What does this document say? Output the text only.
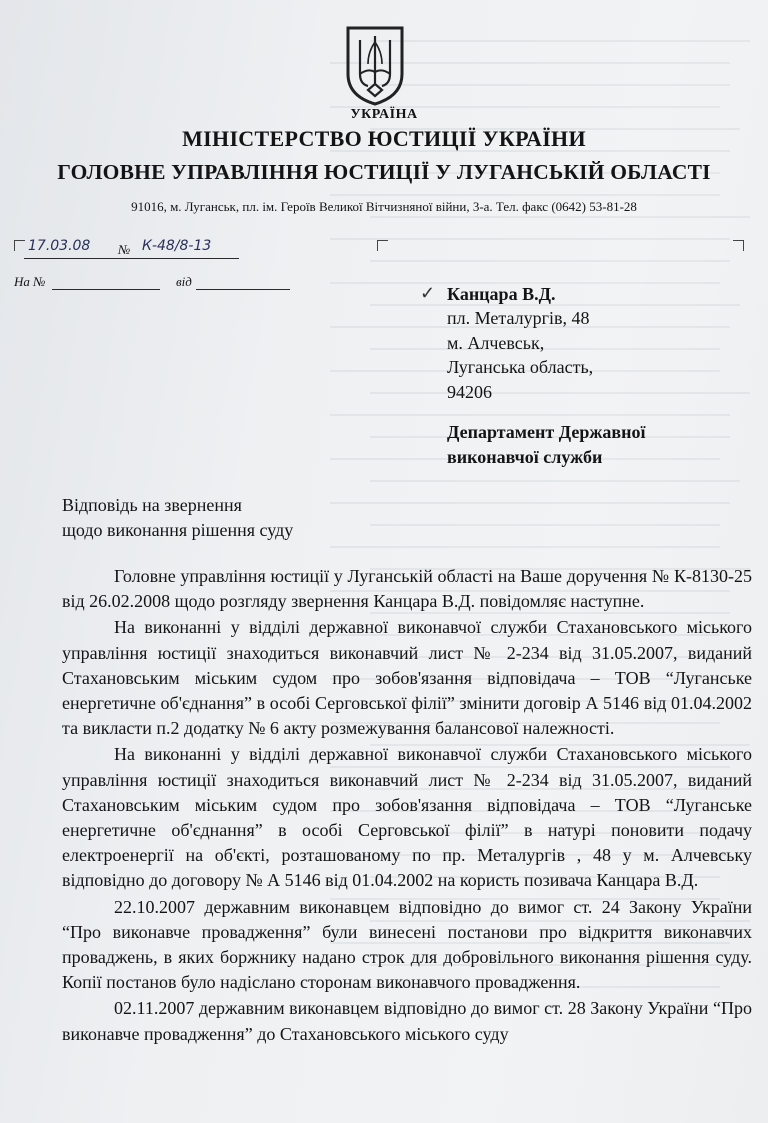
УКРАЇНА
МІНІСТЕРСТВО ЮСТИЦІЇ УКРАЇНИ
ГОЛОВНЕ УПРАВЛІННЯ ЮСТИЦІЇ У ЛУГАНСЬКІЙ ОБЛАСТІ
91016, м. Луганськ, пл. ім. Героїв Великої Вітчизняної війни, 3-а. Тел. факс (0642) 53-81-28
17.03.08 № К-48/8-13
На №	від
✓ Канцара В.Д.
пл. Металургів, 48
м. Алчевськ,
Луганська область,
94206
Департамент Державної
виконавчої служби
Відповідь на звернення
щодо виконання рішення суду

Головне управління юстиції у Луганській області на Ваше доручення № К-8130-25 від 26.02.2008 щодо розгляду звернення Канцара В.Д. повідомляє наступне.

На виконанні у відділі державної виконавчої служби Стахановського міського управління юстиції знаходиться виконавчий лист № 2-234 від 31.05.2007, виданий Стахановським міським судом про зобов'язання відповідача – ТОВ “Луганське енергетичне об'єднання” в особі Серговської філії” змінити договір А 5146 від 01.04.2002 та викласти п.2 додатку № 6 акту розмежування балансової належності.

На виконанні у відділі державної виконавчої служби Стахановського міського управління юстиції знаходиться виконавчий лист № 2-234 від 31.05.2007, виданий Стахановським міським судом про зобов'язання відповідача – ТОВ “Луганське енергетичне об'єднання” в особі Серговської філії” в натурі поновити подачу електроенергії на об'єкті, розташованому по пр. Металургів , 48 у м. Алчевську відповідно до договору № А 5146 від 01.04.2002 на користь позивача Канцара В.Д.

22.10.2007 державним виконавцем відповідно до вимог ст. 24 Закону України “Про виконавче провадження” були винесені постанови про відкриття виконавчих проваджень, в яких боржнику надано строк для добровільного виконання рішення суду. Копії постанов було надіслано сторонам виконавчого провадження.

02.11.2007 державним виконавцем відповідно до вимог ст. 28 Закону України “Про виконавче провадження” до Стахановського міського суду
